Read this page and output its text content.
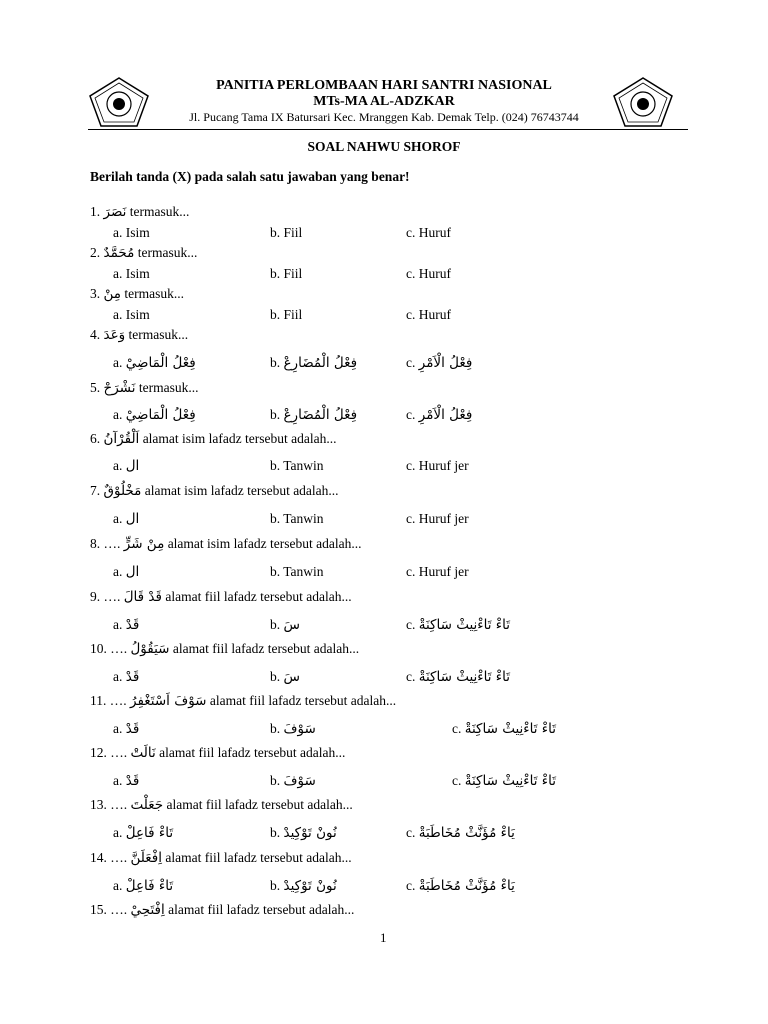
PANITIA PERLOMBAAN HARI SANTRI NASIONAL
MTs-MA AL-ADZKAR
Jl. Pucang Tama IX Batursari Kec. Mranggen Kab. Demak Telp. (024) 76743744
SOAL NAHWU SHOROF
Berilah tanda (X) pada salah satu jawaban yang benar!
1. نَصَرَ termasuk...
a. Isim	b. Fiil	c. Huruf
2. مُحَمَّدٌ termasuk...
a. Isim	b. Fiil	c. Huruf
3. مِنْ termasuk...
a. Isim	b. Fiil	c. Huruf
4. وَعَدَ termasuk...
a. فِعْلُ الْمَاضِيْ	b. فِعْلُ الْمُضَارِعْ	c. فِعْلُ الْاَمْرِ
5. نَشْرَحْ termasuk...
a. فِعْلُ الْمَاضِيْ	b. فِعْلُ الْمُضَارِعْ	c. فِعْلُ الْاَمْرِ
6. اَلْقُرْآنُ alamat isim lafadz tersebut adalah...
a. ال	b. Tanwin	c. Huruf jer
7. مَخْلُوْقٌ alamat isim lafadz tersebut adalah...
a. ال	b. Tanwin	c. Huruf jer
8. …. مِنْ شَرٍّ alamat isim lafadz tersebut adalah...
a. ال	b. Tanwin	c. Huruf jer
9. …. قَدْ قَالَ alamat fiil lafadz tersebut adalah...
a. قَدْ	b. سَ	c. تَاءْ تَاءْنِيثْ سَاكِنَةْ
10. …. سَيَقُوْلُ alamat fiil lafadz tersebut adalah...
a. قَدْ	b. سَ	c. تَاءْ تَاءْنِيثْ سَاكِنَةْ
11. …. سَوْفَ اَسْتَغْفِرُ alamat fiil lafadz tersebut adalah...
a. قَدْ	b. سَوْفَ	c. تَاءْ تَاءْنِيثْ سَاكِنَةْ
12. …. نَالَتْ alamat fiil lafadz tersebut adalah...
a. قَدْ	b. سَوْفَ	c. تَاءْ تَاءْنِيثْ سَاكِنَةْ
13. …. جَعَلْتَ alamat fiil lafadz tersebut adalah...
a. تَاءْ فَاعِلْ	b. نُونْ تَوْكِيدْ	c. يَاءْ مُؤَنَّثْ مُخَاطَبَةْ
14. …. اِفْعَلَنَّ alamat fiil lafadz tersebut adalah...
a. تَاءْ فَاعِلْ	b. نُونْ تَوْكِيدْ	c. يَاءْ مُؤَنَّثْ مُخَاطَبَةْ
15. …. اِفْتَحِيْ alamat fiil lafadz tersebut adalah...
1
